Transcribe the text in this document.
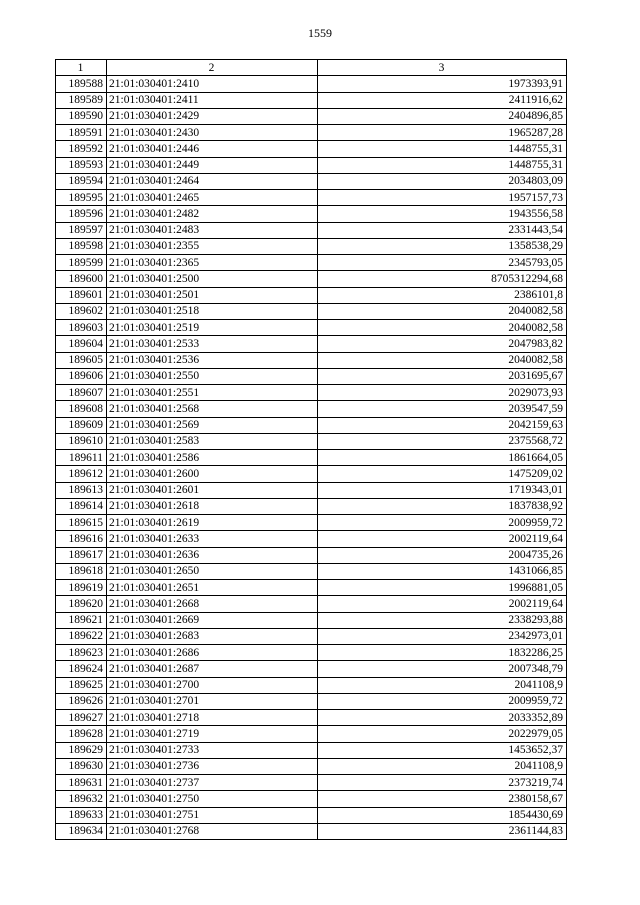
1559
1	2	3
189588	21:01:030401:2410	1973393,91
189589	21:01:030401:2411	2411916,62
189590	21:01:030401:2429	2404896,85
189591	21:01:030401:2430	1965287,28
189592	21:01:030401:2446	1448755,31
189593	21:01:030401:2449	1448755,31
189594	21:01:030401:2464	2034803,09
189595	21:01:030401:2465	1957157,73
189596	21:01:030401:2482	1943556,58
189597	21:01:030401:2483	2331443,54
189598	21:01:030401:2355	1358538,29
189599	21:01:030401:2365	2345793,05
189600	21:01:030401:2500	8705312294,68
189601	21:01:030401:2501	2386101,8
189602	21:01:030401:2518	2040082,58
189603	21:01:030401:2519	2040082,58
189604	21:01:030401:2533	2047983,82
189605	21:01:030401:2536	2040082,58
189606	21:01:030401:2550	2031695,67
189607	21:01:030401:2551	2029073,93
189608	21:01:030401:2568	2039547,59
189609	21:01:030401:2569	2042159,63
189610	21:01:030401:2583	2375568,72
189611	21:01:030401:2586	1861664,05
189612	21:01:030401:2600	1475209,02
189613	21:01:030401:2601	1719343,01
189614	21:01:030401:2618	1837838,92
189615	21:01:030401:2619	2009959,72
189616	21:01:030401:2633	2002119,64
189617	21:01:030401:2636	2004735,26
189618	21:01:030401:2650	1431066,85
189619	21:01:030401:2651	1996881,05
189620	21:01:030401:2668	2002119,64
189621	21:01:030401:2669	2338293,88
189622	21:01:030401:2683	2342973,01
189623	21:01:030401:2686	1832286,25
189624	21:01:030401:2687	2007348,79
189625	21:01:030401:2700	2041108,9
189626	21:01:030401:2701	2009959,72
189627	21:01:030401:2718	2033352,89
189628	21:01:030401:2719	2022979,05
189629	21:01:030401:2733	1453652,37
189630	21:01:030401:2736	2041108,9
189631	21:01:030401:2737	2373219,74
189632	21:01:030401:2750	2380158,67
189633	21:01:030401:2751	1854430,69
189634	21:01:030401:2768	2361144,83
